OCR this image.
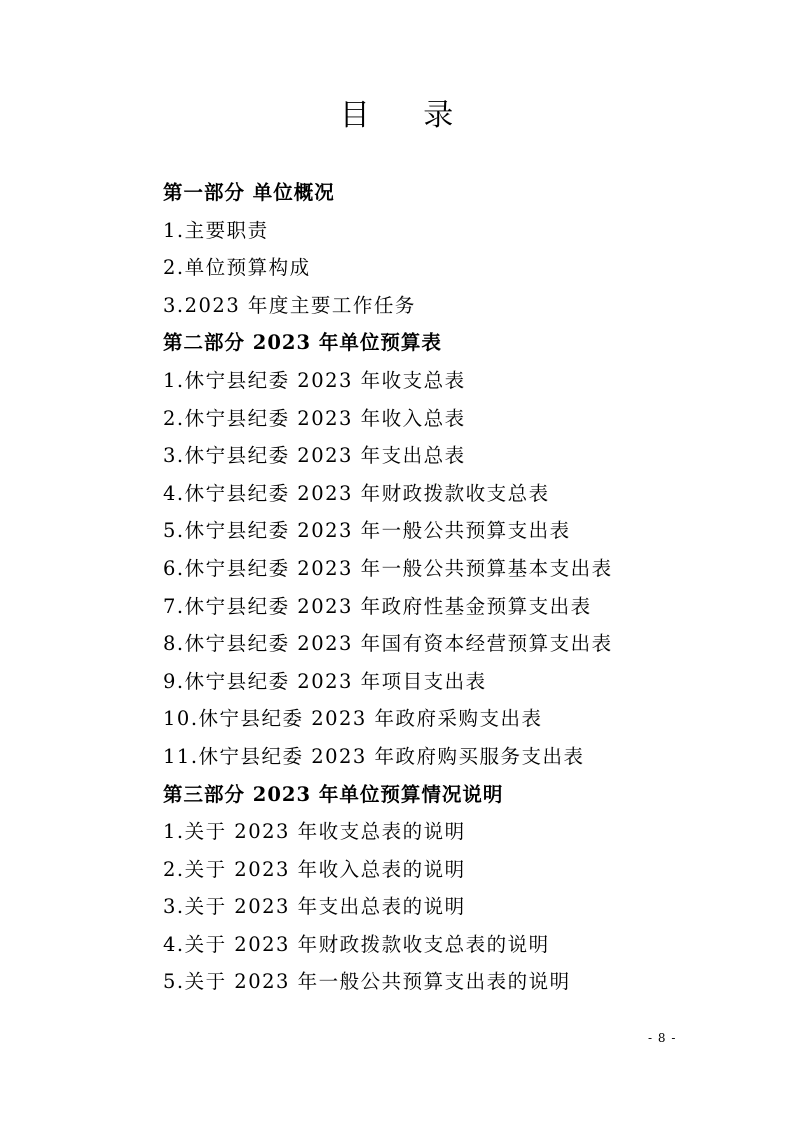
目 录
第一部分 单位概况
1.主要职责
2.单位预算构成
3.2023 年度主要工作任务
第二部分 2023 年单位预算表
1.休宁县纪委 2023 年收支总表
2.休宁县纪委 2023 年收入总表
3.休宁县纪委 2023 年支出总表
4.休宁县纪委 2023 年财政拨款收支总表
5.休宁县纪委 2023 年一般公共预算支出表
6.休宁县纪委 2023 年一般公共预算基本支出表
7.休宁县纪委 2023 年政府性基金预算支出表
8.休宁县纪委 2023 年国有资本经营预算支出表
9.休宁县纪委 2023 年项目支出表
10.休宁县纪委 2023 年政府采购支出表
11.休宁县纪委 2023 年政府购买服务支出表
第三部分 2023 年单位预算情况说明
1.关于 2023 年收支总表的说明
2.关于 2023 年收入总表的说明
3.关于 2023 年支出总表的说明
4.关于 2023 年财政拨款收支总表的说明
5.关于 2023 年一般公共预算支出表的说明
- 8 -
